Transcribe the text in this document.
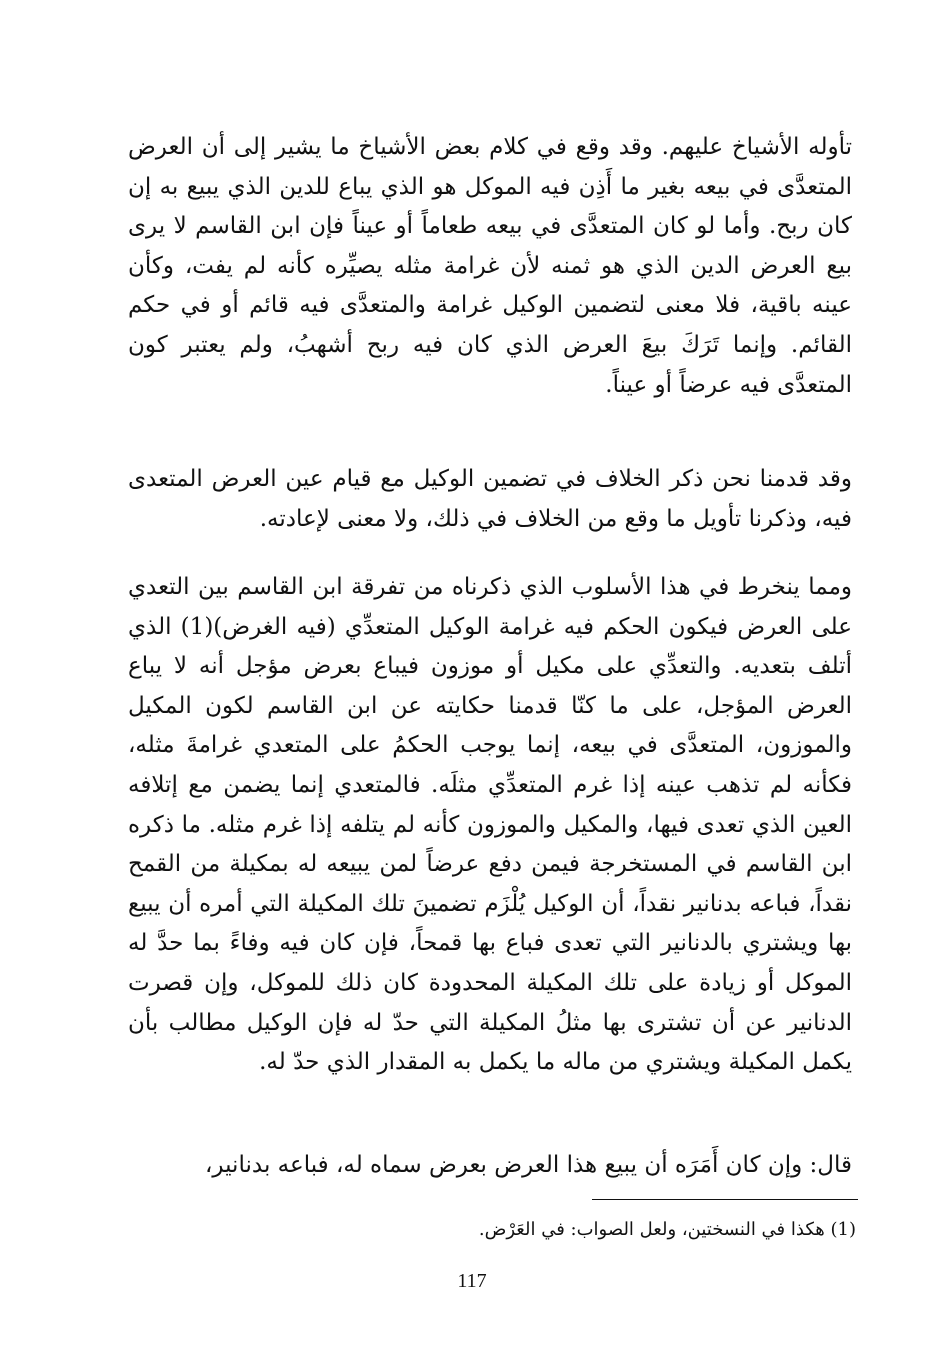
تأوله الأشياخ عليهم. وقد وقع في كلام بعض الأشياخ ما يشير إلى أن العرض المتعدَّى في بيعه بغير ما أَذِن فيه الموكل هو الذي يباع للدين الذي يبيع به إن كان ربح. وأما لو كان المتعدَّى في بيعه طعاماً أو عيناً فإن ابن القاسم لا يرى بيع العرض الدين الذي هو ثمنه لأن غرامة مثله يصيِّره كأنه لم يفت، وكأن عينه باقية، فلا معنى لتضمين الوكيل غرامة والمتعدَّى فيه قائم أو في حكم القائم. وإنما تَرَكَ بيعَ العرض الذي كان فيه ربح أشهبُ، ولم يعتبر كون المتعدَّى فيه عرضاً أو عيناً.

وقد قدمنا نحن ذكر الخلاف في تضمين الوكيل مع قيام عين العرض المتعدى فيه، وذكرنا تأويل ما وقع من الخلاف في ذلك، ولا معنى لإعادته.

ومما ينخرط في هذا الأسلوب الذي ذكرناه من تفرقة ابن القاسم بين التعدي على العرض فيكون الحكم فيه غرامة الوكيل المتعدِّي (فيه الغرض)(1) الذي أتلف بتعديه. والتعدِّي على مكيل أو موزون فيباع بعرض مؤجل أنه لا يباع العرض المؤجل، على ما كنّا قدمنا حكايته عن ابن القاسم لكون المكيل والموزون، المتعدَّى في بيعه، إنما يوجب الحكمُ على المتعدي غرامةَ مثله، فكأنه لم تذهب عينه إذا غرم المتعدِّي مثلَه. فالمتعدي إنما يضمن مع إتلافه العين الذي تعدى فيها، والمكيل والموزون كأنه لم يتلفه إذا غرم مثله. ما ذكره ابن القاسم في المستخرجة فيمن دفع عرضاً لمن يبيعه له بمكيلة من القمح نقداً، فباعه بدنانير نقداً، أن الوكيل يُلْزَم تضمينَ تلك المكيلة التي أمره أن يبيع بها ويشتري بالدنانير التي تعدى فباع بها قمحاً، فإن كان فيه وفاءً بما حدَّ له الموكل أو زيادة على تلك المكيلة المحدودة كان ذلك للموكل، وإن قصرت الدنانير عن أن تشترى بها مثلُ المكيلة التي حدّ له فإن الوكيل مطالب بأن يكمل المكيلة ويشتري من ماله ما يكمل به المقدار الذي حدّ له.

قال: وإن كان أَمَرَه أن يبيع هذا العرض بعرض سماه له، فباعه بدنانير،

(1) هكذا في النسختين، ولعل الصواب: في العَرْض.

117
